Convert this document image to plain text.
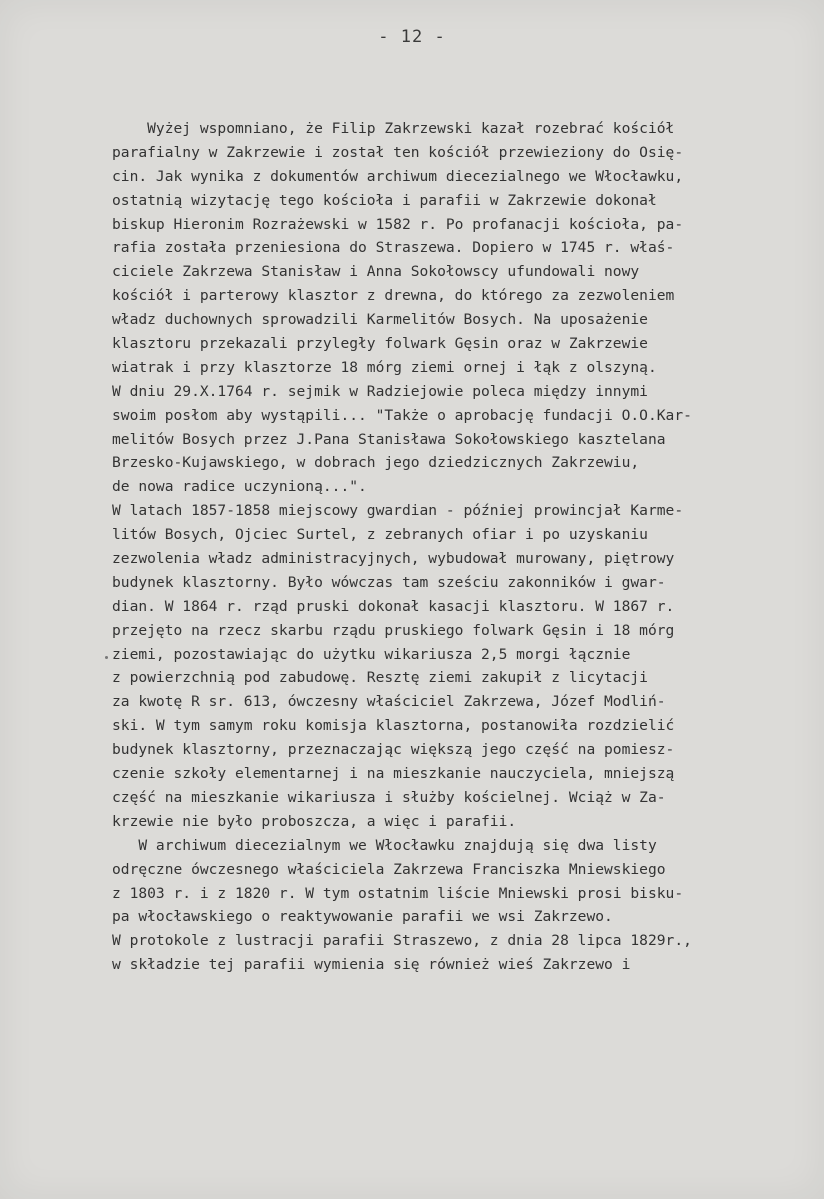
- 12 -
Wyżej wspomniano, że Filip Zakrzewski kazał rozebrać kościół
parafialny w Zakrzewie i został ten kościół przewieziony do Osię-
cin. Jak wynika z dokumentów archiwum diecezialnego we Włocławku,
ostatnią wizytację tego kościoła i parafii w Zakrzewie dokonał
biskup Hieronim Rozrażewski w 1582 r. Po profanacji kościoła, pa-
rafia została przeniesiona do Straszewa. Dopiero w 1745 r. właś-
ciciele Zakrzewa Stanisław i Anna Sokołowscy ufundowali nowy
kościół i parterowy klasztor z drewna, do którego za zezwoleniem
władz duchownych sprowadzili Karmelitów Bosych. Na uposażenie
klasztoru przekazali przyległy folwark Gęsin oraz w Zakrzewie
wiatrak i przy klasztorze 18 mórg ziemi ornej i łąk z olszyną.
W dniu 29.X.1764 r. sejmik w Radziejowie poleca między innymi
swoim posłom aby wystąpili... "Także o aprobację fundacji O.O.Kar-
melitów Bosych przez J.Pana Stanisława Sokołowskiego kasztelana
Brzesko-Kujawskiego, w dobrach jego dziedzicznych Zakrzewiu,
de nowa radice uczynioną...".
W latach 1857-1858 miejscowy gwardian - później prowincjał Karme-
litów Bosych, Ojciec Surtel, z zebranych ofiar i po uzyskaniu
zezwolenia władz administracyjnych, wybudował murowany, piętrowy
budynek klasztorny. Było wówczas tam sześciu zakonników i gwar-
dian. W 1864 r. rząd pruski dokonał kasacji klasztoru. W 1867 r.
przejęto na rzecz skarbu rządu pruskiego folwark Gęsin i 18 mórg
ziemi, pozostawiając do użytku wikariusza 2,5 morgi łącznie
z powierzchnią pod zabudowę. Resztę ziemi zakupił z licytacji
za kwotę R sr. 613, ówczesny właściciel Zakrzewa, Józef Modliń-
ski. W tym samym roku komisja klasztorna, postanowiła rozdzielić
budynek klasztorny, przeznaczając większą jego część na pomiesz-
czenie szkoły elementarnej i na mieszkanie nauczyciela, mniejszą
część na mieszkanie wikariusza i służby kościelnej. Wciąż w Za-
krzewie nie było proboszcza, a więc i parafii.
W archiwum diecezialnym we Włocławku znajdują się dwa listy
odręczne ówczesnego właściciela Zakrzewa Franciszka Mniewskiego
z 1803 r. i z 1820 r. W tym ostatnim liście Mniewski prosi bisku-
pa włocławskiego o reaktywowanie parafii we wsi Zakrzewo.
W protokole z lustracji parafii Straszewo, z dnia 28 lipca 1829r.,
w składzie tej parafii wymienia się również wieś Zakrzewo i
